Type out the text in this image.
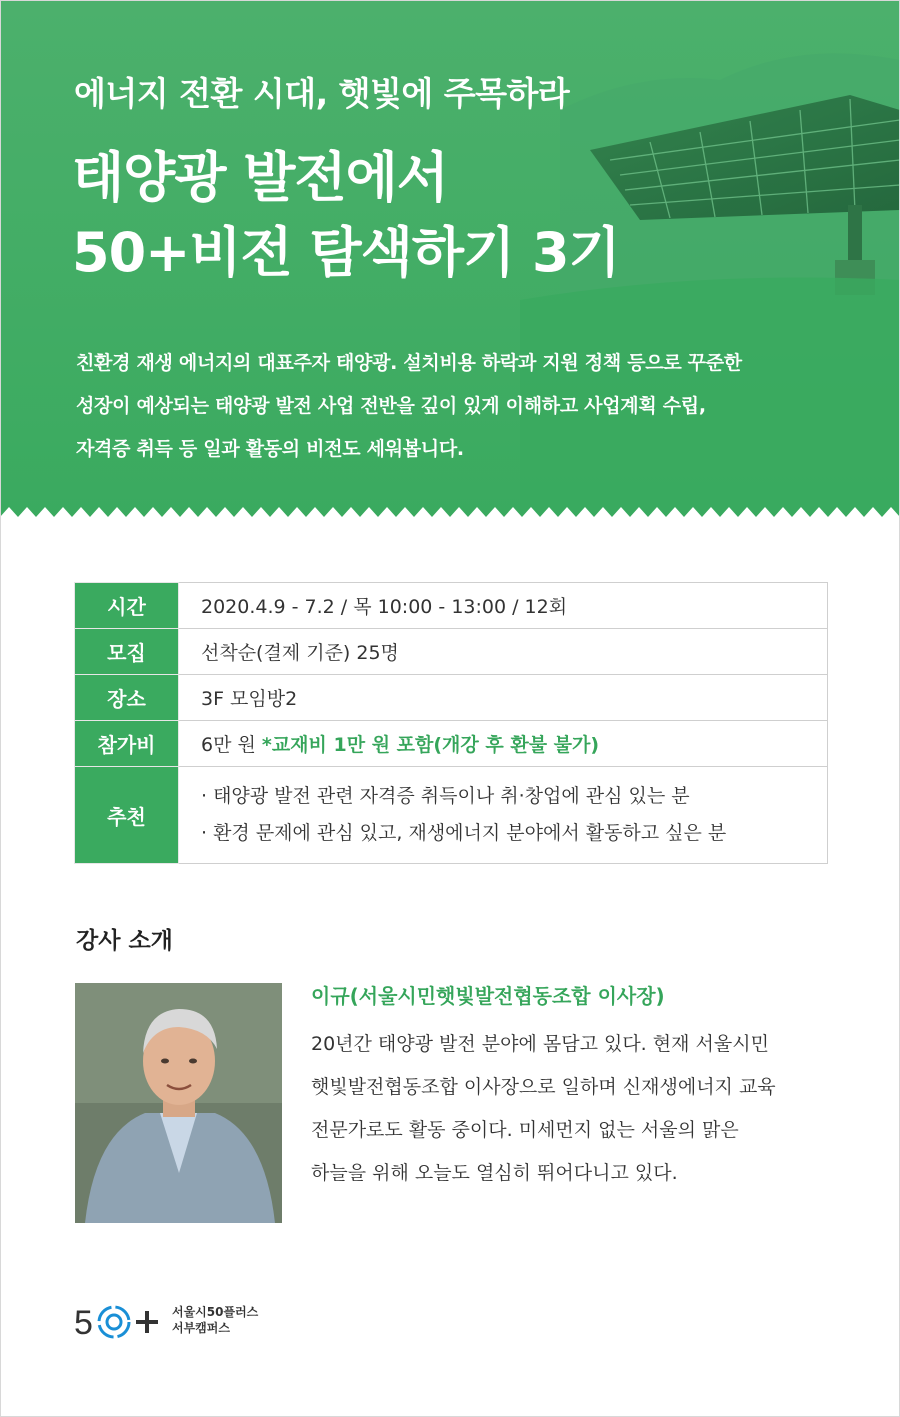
에너지 전환 시대, 햇빛에 주목하라
태양광 발전에서
50+비전 탐색하기 3기
친환경 재생 에너지의 대표주자 태양광. 설치비용 하락과 지원 정책 등으로 꾸준한
성장이 예상되는 태양광 발전 사업 전반을 깊이 있게 이해하고 사업계획 수립,
자격증 취득 등 일과 활동의 비전도 세워봅니다.
시간	2020.4.9 - 7.2 / 목 10:00 - 13:00 / 12회
모집	선착순(결제 기준) 25명
장소	3F 모임방2
참가비	6만 원 *교재비 1만 원 포함(개강 후 환불 불가)
추천	· 태양광 발전 관련 자격증 취득이나 취·창업에 관심 있는 분
· 환경 문제에 관심 있고, 재생에너지 분야에서 활동하고 싶은 분
강사 소개
이규(서울시민햇빛발전협동조합 이사장)
20년간 태양광 발전 분야에 몸담고 있다. 현재 서울시민
햇빛발전협동조합 이사장으로 일하며 신재생에너지 교육
전문가로도 활동 중이다. 미세먼지 없는 서울의 맑은
하늘을 위해 오늘도 열심히 뛰어다니고 있다.
5	서울시50플러스
서부캠퍼스
